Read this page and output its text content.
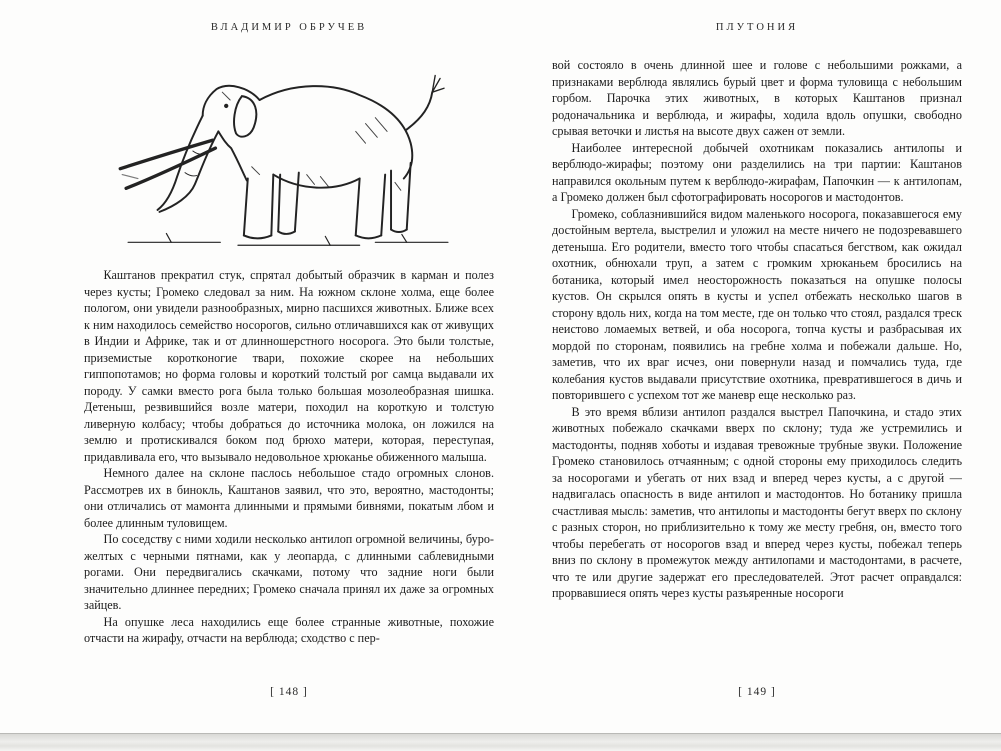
ВЛАДИМИР ОБРУЧЕВ

Каштанов прекратил стук, спрятал добытый образчик в карман и полез через кусты; Громеко следовал за ним. На южном склоне холма, еще более пологом, они увидели разнообразных, мирно пасшихся животных. Ближе всех к ним находилось семейство носорогов, сильно отличавшихся как от живущих в Индии и Африке, так и от длинношерстного носорога. Это были толстые, приземистые коротконогие твари, похожие скорее на небольших гиппопотамов; но форма головы и короткий толстый рог самца выдавали их породу. У самки вместо рога была только большая мозолеобразная шишка. Детеныш, резвившийся возле матери, походил на короткую и толстую ливерную колбасу; чтобы добраться до источника молока, он ложился на землю и протискивался боком под брюхо матери, которая, переступая, придавливала его, что вызывало недовольное хрюканье обиженного малыша.

Немного далее на склоне паслось небольшое стадо огромных слонов. Рассмотрев их в бинокль, Каштанов заявил, что это, вероятно, мастодонты; они отличались от мамонта длинными и прямыми бивнями, покатым лбом и более длинным туловищем.

По соседству с ними ходили несколько антилоп огромной величины, буро-желтых с черными пятнами, как у леопарда, с длинными саблевидными рогами. Они передвигались скачками, потому что задние ноги были значительно длиннее передних; Громеко сначала принял их даже за огромных зайцев.

На опушке леса находились еще более странные животные, похожие отчасти на жирафу, отчасти на верблюда; сходство с пер-

[ 148 ]
ПЛУТОНИЯ

вой состояло в очень длинной шее и голове с небольшими рожками, а признаками верблюда являлись бурый цвет и форма туловища с небольшим горбом. Парочка этих животных, в которых Каштанов признал родоначальника и верблюда, и жирафы, ходила вдоль опушки, свободно срывая веточки и листья на высоте двух сажен от земли.

Наиболее интересной добычей охотникам показались антилопы и верблюдо-жирафы; поэтому они разделились на три партии: Каштанов направился окольным путем к верблюдо-жирафам, Папочкин — к антилопам, а Громеко должен был сфотографировать носорогов и мастодонтов.

Громеко, соблазнившийся видом маленького носорога, показавшегося ему достойным вертела, выстрелил и уложил на месте ничего не подозревавшего детеныша. Его родители, вместо того чтобы спасаться бегством, как ожидал охотник, обнюхали труп, а затем с громким хрюканьем бросились на ботаника, который имел неосторожность показаться на опушке полосы кустов. Он скрылся опять в кусты и успел отбежать несколько шагов в сторону вдоль них, когда на том месте, где он только что стоял, раздался треск неистово ломаемых ветвей, и оба носорога, топча кусты и разбрасывая их мордой по сторонам, появились на гребне холма и побежали дальше. Но, заметив, что их враг исчез, они повернули назад и помчались туда, где колебания кустов выдавали присутствие охотника, превратившегося в дичь и повторившего с успехом тот же маневр еще несколько раз.

В это время вблизи антилоп раздался выстрел Папочкина, и стадо этих животных побежало скачками вверх по склону; туда же устремились и мастодонты, подняв хоботы и издавая тревожные трубные звуки. Положение Громеко становилось отчаянным; с одной стороны ему приходилось следить за носорогами и убегать от них взад и вперед через кусты, а с другой — надвигалась опасность в виде антилоп и мастодонтов. Но ботанику пришла счастливая мысль: заметив, что антилопы и мастодонты бегут вверх по склону с разных сторон, но приблизительно к тому же месту гребня, он, вместо того чтобы перебегать от носорогов взад и вперед через кусты, побежал теперь вниз по склону в промежуток между антилопами и мастодонтами, в расчете, что те или другие задержат его преследователей. Этот расчет оправдался: прорвавшиеся опять через кусты разъяренные носороги

[ 149 ]
